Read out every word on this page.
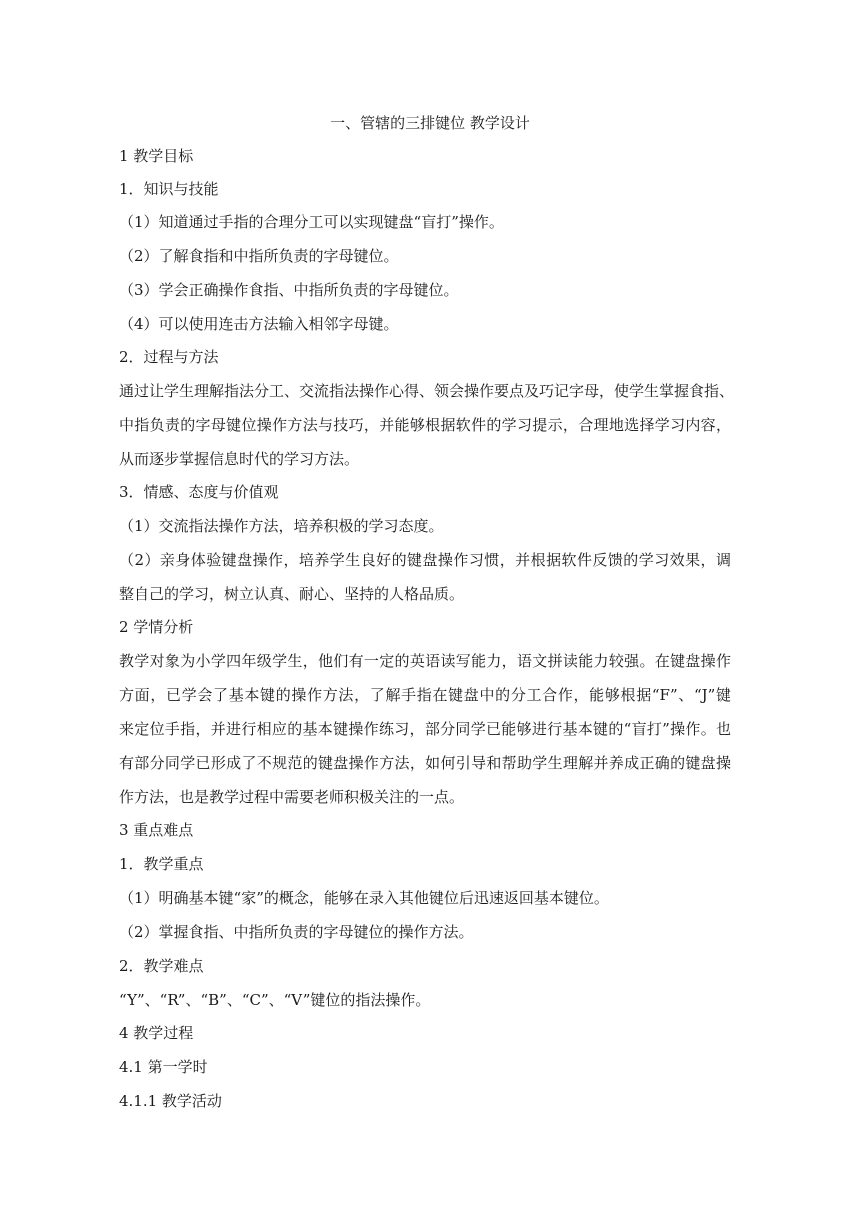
一、管辖的三排键位 教学设计
1 教学目标
1．知识与技能
（1）知道通过手指的合理分工可以实现键盘“盲打”操作。
（2）了解食指和中指所负责的字母键位。
（3）学会正确操作食指、中指所负责的字母键位。
（4）可以使用连击方法输入相邻字母键。
2．过程与方法
通过让学生理解指法分工、交流指法操作心得、领会操作要点及巧记字母，使学生掌握食指、
中指负责的字母键位操作方法与技巧，并能够根据软件的学习提示，合理地选择学习内容，
从而逐步掌握信息时代的学习方法。
3．情感、态度与价值观
（1）交流指法操作方法，培养积极的学习态度。
（2）亲身体验键盘操作，培养学生良好的键盘操作习惯，并根据软件反馈的学习效果，调
整自己的学习，树立认真、耐心、坚持的人格品质。
2 学情分析
教学对象为小学四年级学生，他们有一定的英语读写能力，语文拼读能力较强。在键盘操作
方面，已学会了基本键的操作方法，了解手指在键盘中的分工合作，能够根据“F”、“J”键
来定位手指，并进行相应的基本键操作练习，部分同学已能够进行基本键的“盲打”操作。也
有部分同学已形成了不规范的键盘操作方法，如何引导和帮助学生理解并养成正确的键盘操
作方法，也是教学过程中需要老师积极关注的一点。
3 重点难点
1．教学重点
（1）明确基本键“家”的概念，能够在录入其他键位后迅速返回基本键位。
（2）掌握食指、中指所负责的字母键位的操作方法。
2．教学难点
“Y”、“R”、“B”、“C”、“V”键位的指法操作。
4 教学过程
4.1 第一学时
4.1.1 教学活动
